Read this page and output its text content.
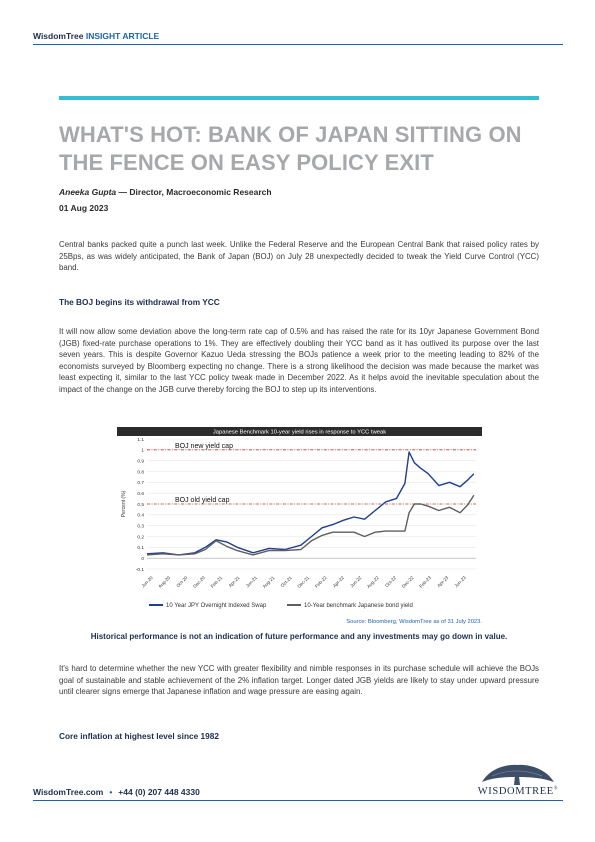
WisdomTree INSIGHT ARTICLE
WHAT'S HOT: BANK OF JAPAN SITTING ON THE FENCE ON EASY POLICY EXIT
Aneeka Gupta — Director, Macroeconomic Research
01 Aug 2023

Central banks packed quite a punch last week. Unlike the Federal Reserve and the European Central Bank that raised policy rates by 25Bps, as was widely anticipated, the Bank of Japan (BOJ) on July 28 unexpectedly decided to tweak the Yield Curve Control (YCC) band.

The BOJ begins its withdrawal from YCC

It will now allow some deviation above the long-term rate cap of 0.5% and has raised the rate for its 10yr Japanese Government Bond (JGB) fixed-rate purchase operations to 1%. They are effectively doubling their YCC band as it has outlived its purpose over the last seven years. This is despite Governor Kazuo Ueda stressing the BOJs patience a week prior to the meeting leading to 82% of the economists surveyed by Bloomberg expecting no change. There is a strong likelihood the decision was made because the market was least expecting it, similar to the last YCC policy tweak made in December 2022. As it helps avoid the inevitable speculation about the impact of the change on the JGB curve thereby forcing the BOJ to step up its interventions.

Japanese Benchmark 10-year yield rises in response to YCC tweak
-0.1
0
0.1
0.2
0.3
0.4
0.5
0.6
0.7
0.8
0.9
1
1.1
Percent (%)
Jun-20 Aug-20 Oct-20 Dec-20 Feb-21 Apr-21 Jun-21 Aug-21 Oct-21 Dec-21 Feb-22 Apr-22 Jun-22 Aug-22 Oct-22 Dec-22 Feb-23 Apr-23 Jun-23
BOJ new yield cap
BOJ old yield cap
10 Year JPY Overnight Indexed Swap	10-Year benchmark Japanese bond yield
Source: Bloomberg, WisdomTree as of 31 July 2023.
Historical performance is not an indication of future performance and any investments may go down in value.

It's hard to determine whether the new YCC with greater flexibility and nimble responses in its purchase schedule will achieve the BOJs goal of sustainable and stable achievement of the 2% inflation target. Longer dated JGB yields are likely to stay under upward pressure until clearer signs emerge that Japanese inflation and wage pressure are easing again.

Core inflation at highest level since 1982
WisdomTree.com • +44 (0) 207 448 4330	WISDOMTREE®
